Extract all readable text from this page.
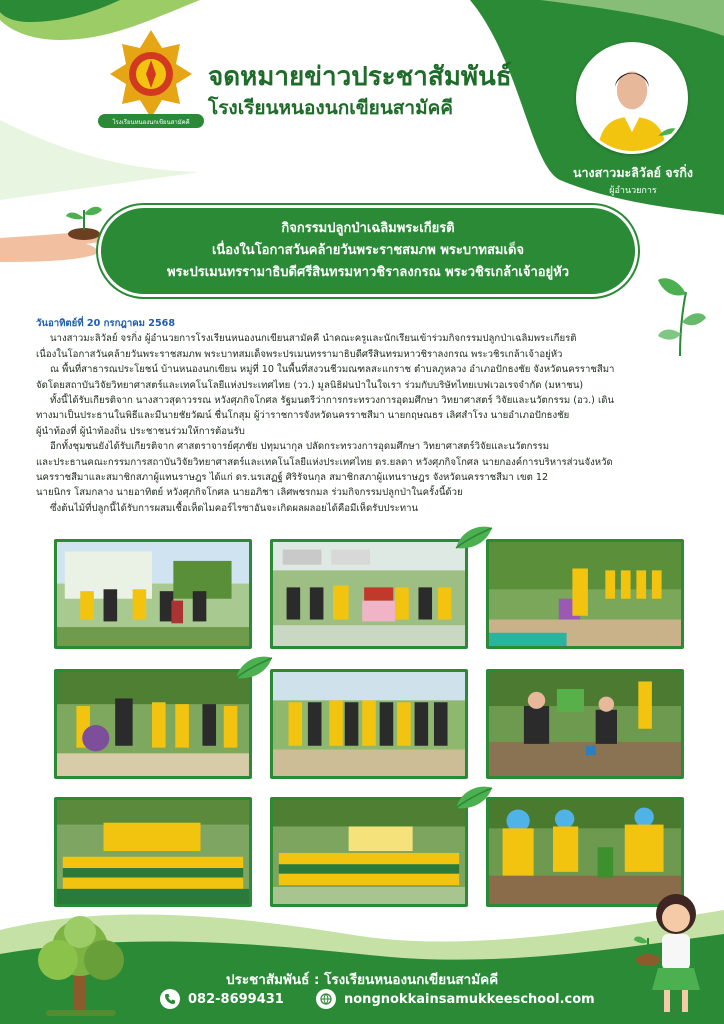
โรงเรียนหนองนกเขียนสามัคคี
จดหมายข่าวประชาสัมพันธ์
โรงเรียนหนองนกเขียนสามัคคี
นางสาวมะลิวัลย์ จรกิ่ง
ผู้อำนวยการ
กิจกรรมปลูกป่าเฉลิมพระเกียรติ
เนื่องในโอกาสวันคล้ายวันพระราชสมภพ พระบาทสมเด็จ
พระปรเมนทรรามาธิบดีศรีสินทรมหาวชิราลงกรณ พระวชิรเกล้าเจ้าอยู่หัว

วันอาทิตย์ที่ 20 กรกฎาคม 2568

นางสาวมะลิวัลย์ จรกิ่ง ผู้อำนวยการโรงเรียนหนองนกเขียนสามัคคี นำคณะครูและนักเรียนเข้าร่วมกิจกรรมปลูกป่าเฉลิมพระเกียรติ

เนื่องในโอกาสวันคล้ายวันพระราชสมภพ พระบาทสมเด็จพระปรเมนทรรามาธิบดีศรีสินทรมหาวชิราลงกรณ พระวชิรเกล้าเจ้าอยู่หัว

ณ พื้นที่สาธารณประโยชน์ บ้านหนองนกเขียน หมู่ที่ 10 ในพื้นที่สงวนชีวมณฑลสะแกราช ตำบลภูหลวง อำเภอปักธงชัย จังหวัดนครราชสีมา

จัดโดยสถาบันวิจัยวิทยาศาสตร์และเทคโนโลยีแห่งประเทศไทย (วว.) มูลนิธิฝนป่าในใจเรา ร่วมกับบริษัทไทยเบฟเวอเรจจำกัด (มหาชน)

ทั้งนี้ได้รับเกียรติจาก นางสาวสุดาวรรณ หวังศุภกิจโกศล รัฐมนตรีว่าการกระทรวงการอุดมศึกษา วิทยาศาสตร์ วิจัยและนวัตกรรม (อว.) เดิน

ทางมาเป็นประธานในพิธีและมีนายชัยวัฒน์ ชื่นโกสุม ผู้ว่าราชการจังหวัดนครราชสีมา นายกฤษณธร เลิศสำโรง นายอำเภอปักธงชัย

ผู้นำท้องที่ ผู้นำท้องถิ่น ประชาชนร่วมให้การต้อนรับ

อีกทั้งชุมชนยังได้รับเกียรติจาก ศาสตราจารย์ศุภชัย ปทุมนากุล ปลัดกระทรวงการอุดมศึกษา วิทยาศาสตร์วิจัยและนวัตกรรม

และประธานคณะกรรมการสถาบันวิจัยวิทยาศาสตร์และเทคโนโลยีแห่งประเทศไทย ดร.ยลดา หวังศุภกิจโกศล นายกองค์การบริหารส่วนจังหวัด

นครราชสีมาและสมาชิกสภาผู้แทนราษฎร ได้แก่ ดร.นรเสฏฐ์ ศิริรัจนกุล สมาชิกสภาผู้แทนราษฎร จังหวัดนครราชสีมา เขต 12

นายนิกร โสมกลาง นายอาทิตย์ หวังศุภกิจโกศล นายอภิชา เลิศพชรกมล ร่วมกิจกรรมปลูกป่าในครั้งนี้ด้วย

ซึ่งต้นไม้ที่ปลูกนี้ได้รับการผสมเชื้อเห็ดไมคอร์ไรซาอันจะเกิดผลผลอยได้คือมีเห็ดรับประทาน

ประชาสัมพันธ์ : โรงเรียนหนองนกเขียนสามัคคี
082-8699431	nongnokkainsamukkeeschool.com
